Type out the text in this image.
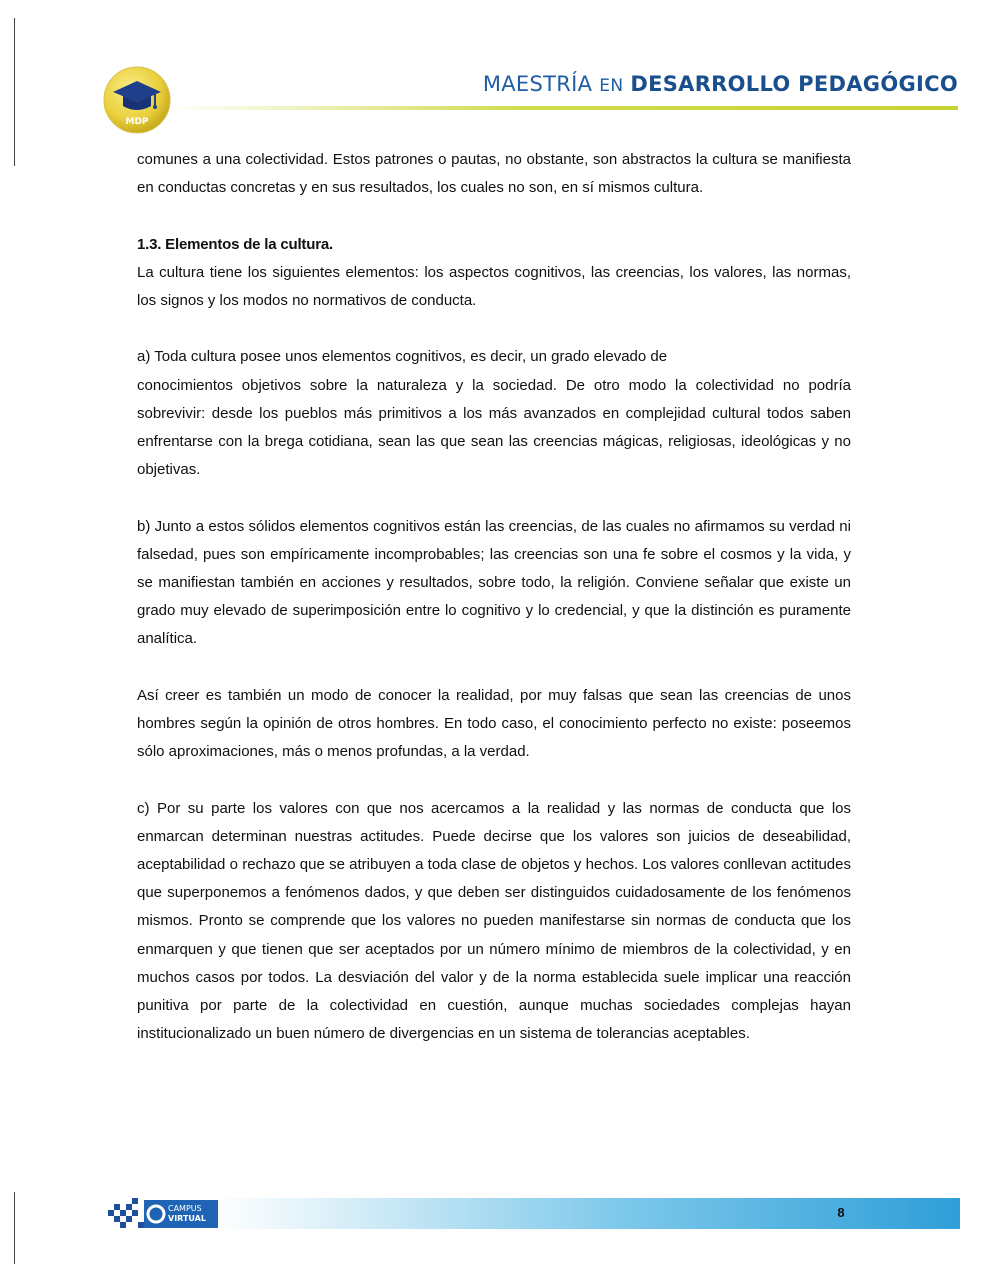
MDP
MAESTRÍA EN DESARROLLO PEDAGÓGICO

comunes a una colectividad. Estos patrones o pautas, no obstante, son abstractos la cultura se manifiesta en conductas concretas y en sus resultados, los cuales no son, en sí mismos cultura.

1.3. Elementos de la cultura.

La cultura tiene los siguientes elementos: los aspectos cognitivos, las creencias, los valores, las normas, los signos y los modos no normativos de conducta.

a) Toda cultura posee unos elementos cognitivos, es decir, un grado elevado de

conocimientos objetivos sobre la naturaleza y la sociedad. De otro modo la colectividad no podría sobrevivir: desde los pueblos más primitivos a los más avanzados en complejidad cultural todos saben enfrentarse con la brega cotidiana, sean las que sean las creencias mágicas, religiosas, ideológicas y no objetivas.

b) Junto a estos sólidos elementos cognitivos están las creencias, de las cuales no afirmamos su verdad ni falsedad, pues son empíricamente incomprobables; las creencias son una fe sobre el cosmos y la vida, y se manifiestan también en acciones y resultados, sobre todo, la religión. Conviene señalar que existe un grado muy elevado de superimposición entre lo cognitivo y lo credencial, y que la distinción es puramente analítica.

Así creer es también un modo de conocer la realidad, por muy falsas que sean las creencias de unos hombres según la opinión de otros hombres. En todo caso, el conocimiento perfecto no existe: poseemos sólo aproximaciones, más o menos profundas, a la verdad.

c) Por su parte los valores con que nos acercamos a la realidad y las normas de conducta que los enmarcan determinan nuestras actitudes. Puede decirse que los valores son juicios de deseabilidad, aceptabilidad o rechazo que se atribuyen a toda clase de objetos y hechos. Los valores conllevan actitudes que superponemos a fenómenos dados, y que deben ser distinguidos cuidadosamente de los fenómenos mismos. Pronto se comprende que los valores no pueden manifestarse sin normas de conducta que los enmarquen y que tienen que ser aceptados por un número mínimo de miembros de la colectividad, y en muchos casos por todos. La desviación del valor y de la norma establecida suele implicar una reacción punitiva por parte de la colectividad en cuestión, aunque muchas sociedades complejas hayan institucionalizado un buen número de divergencias en un sistema de tolerancias aceptables.

CAMPUS
VIRTUAL	8
